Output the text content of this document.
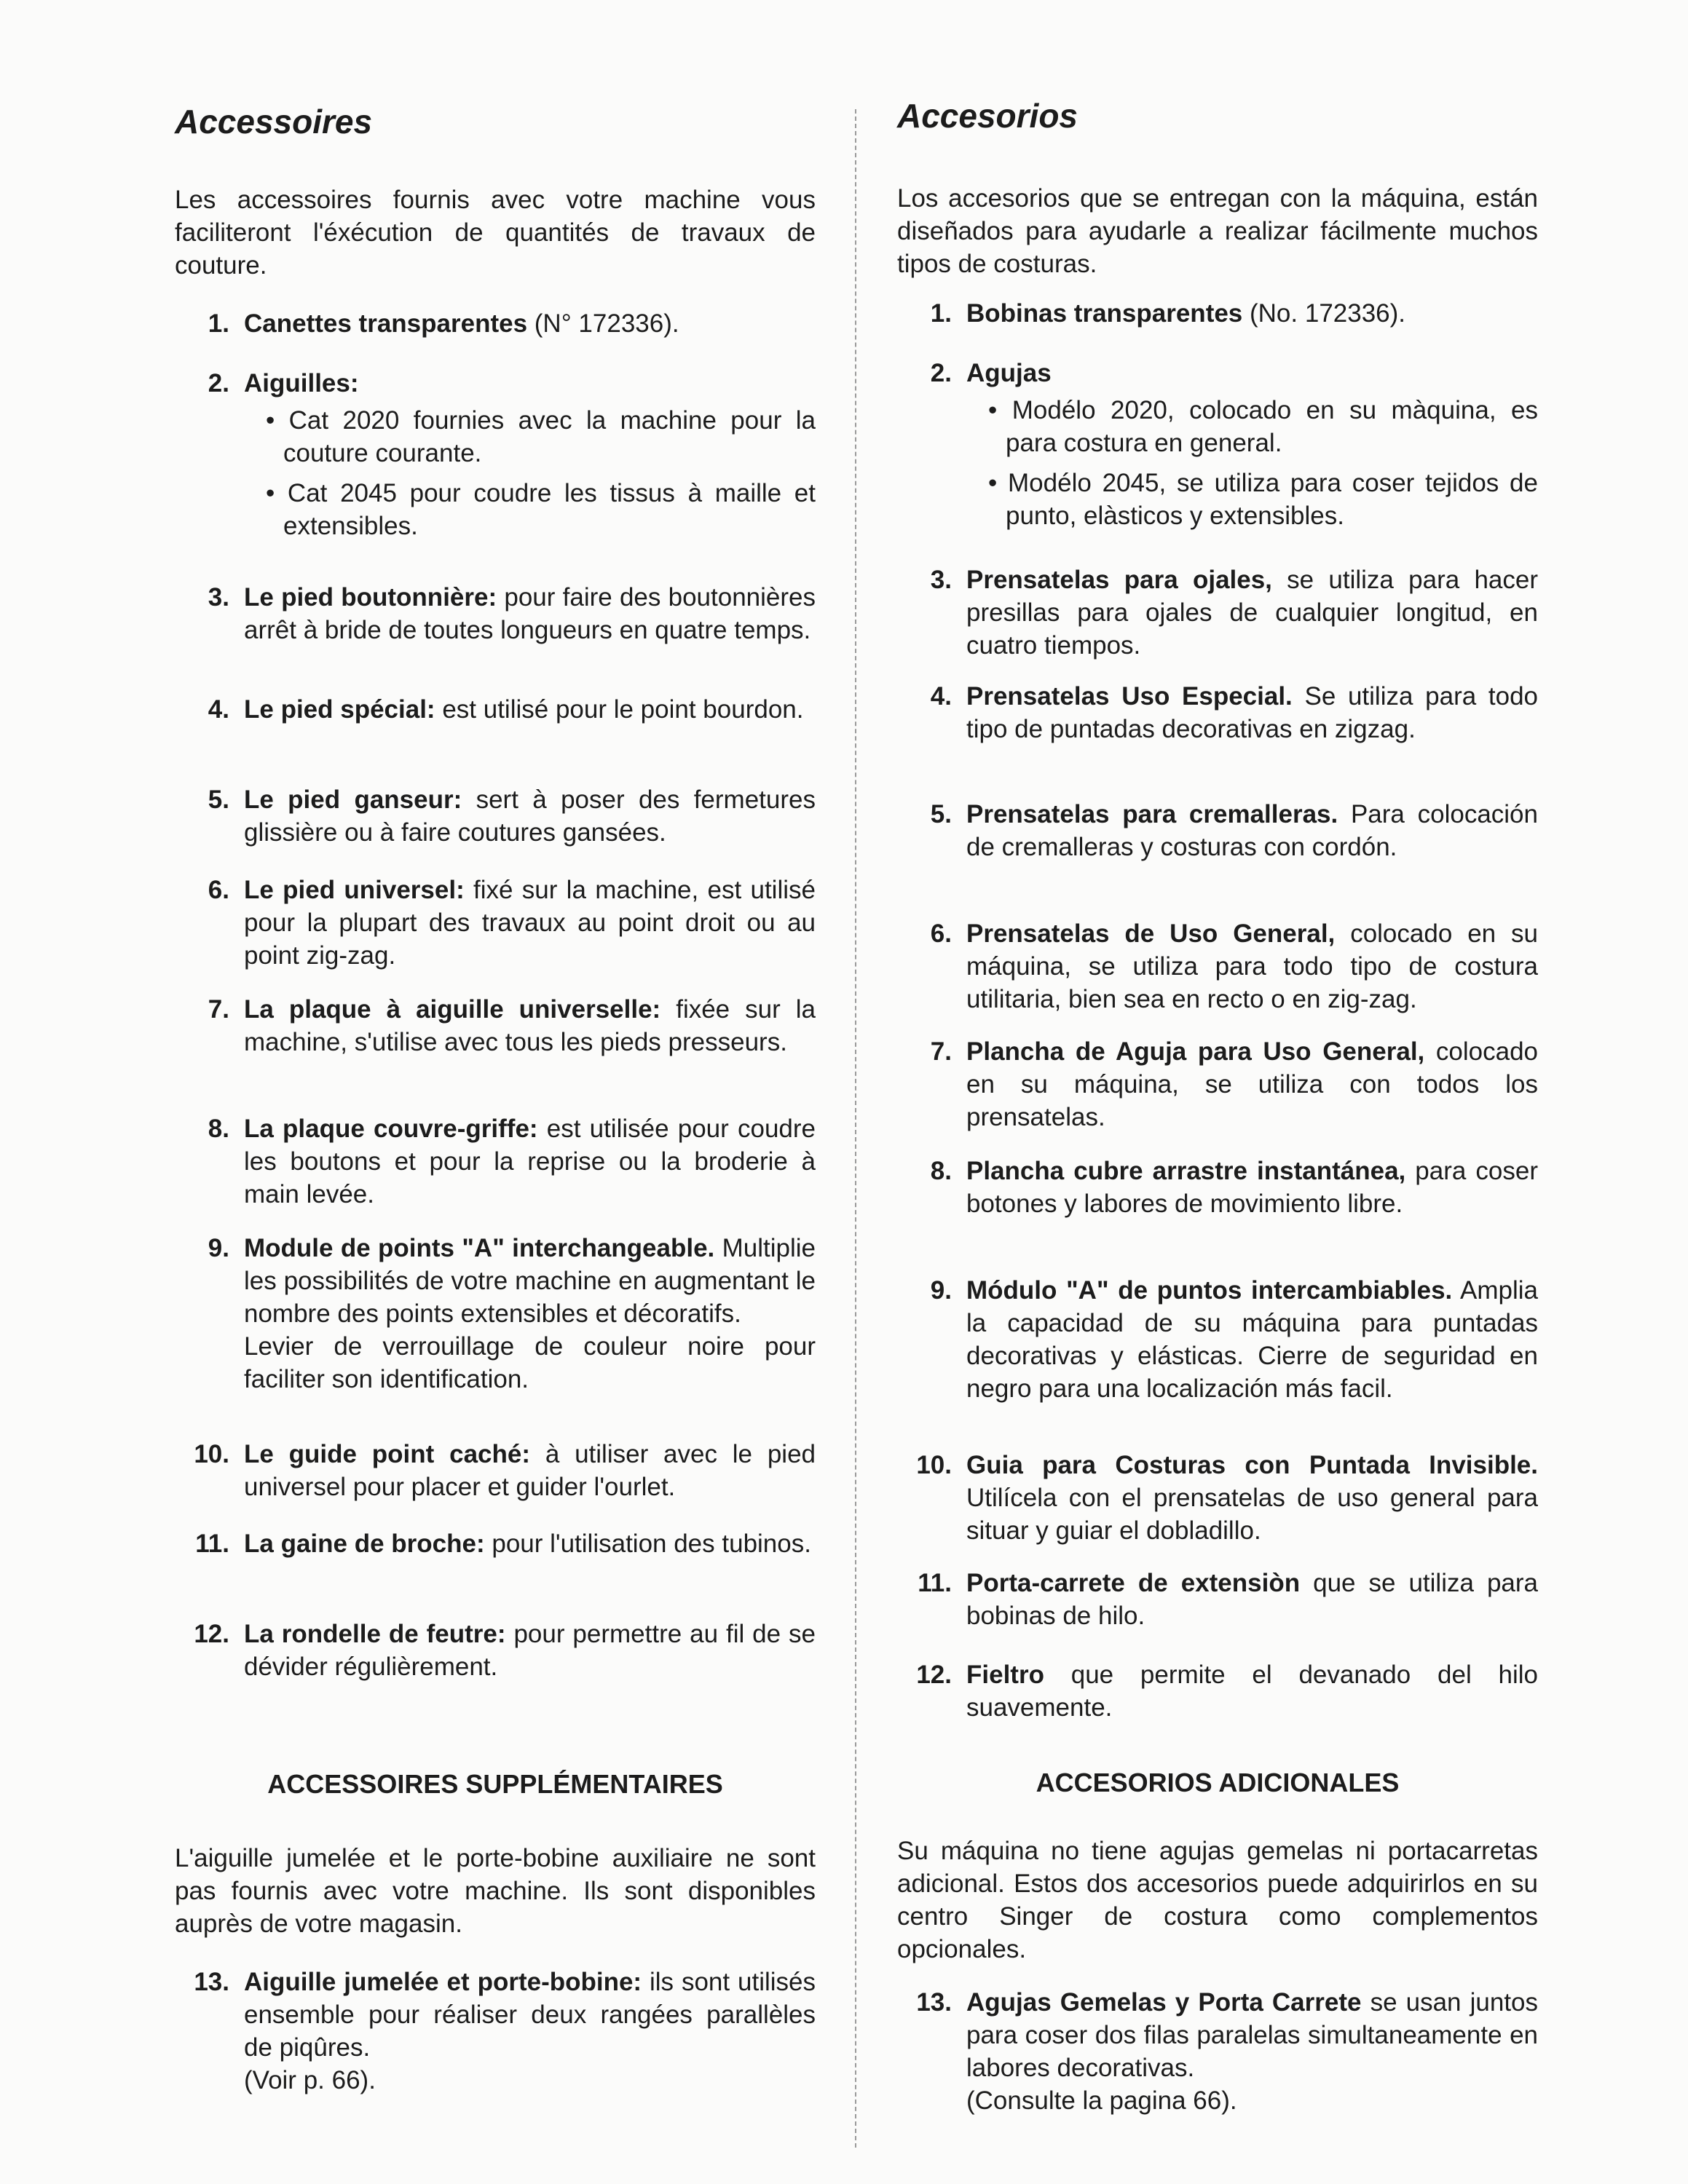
Accessoires

Les accessoires fournis avec votre machine vous faciliteront l'éxécution de quantités de travaux de couture.

1. Canettes transparentes (N° 172336).
2. Aiguilles:
• Cat 2020 fournies avec la machine pour la couture courante.
• Cat 2045 pour coudre les tissus à maille et extensibles.
3. Le pied boutonnière: pour faire des boutonnières arrêt à bride de toutes longueurs en quatre temps.
4. Le pied spécial: est utilisé pour le point bourdon.
5. Le pied ganseur: sert à poser des fermetures glissière ou à faire coutures gansées.
6. Le pied universel: fixé sur la machine, est utilisé pour la plupart des travaux au point droit ou au point zig-zag.
7. La plaque à aiguille universelle: fixée sur la machine, s'utilise avec tous les pieds presseurs.
8. La plaque couvre-griffe: est utilisée pour coudre les boutons et pour la reprise ou la broderie à main levée.
9. Module de points "A" interchangeable. Multiplie les possibilités de votre machine en augmentant le nombre des points extensibles et décoratifs.
Levier de verrouillage de couleur noire pour faciliter son identification.
10. Le guide point caché: à utiliser avec le pied universel pour placer et guider l'ourlet.
11. La gaine de broche: pour l'utilisation des tubinos.
12. La rondelle de feutre: pour permettre au fil de se dévider régulièrement.
ACCESSOIRES SUPPLÉMENTAIRES

L'aiguille jumelée et le porte-bobine auxiliaire ne sont pas fournis avec votre machine. Ils sont disponibles auprès de votre magasin.

13. Aiguille jumelée et porte-bobine: ils sont utilisés ensemble pour réaliser deux rangées parallèles de piqûres.
(Voir p. 66).
Accesorios

Los accesorios que se entregan con la máquina, están diseñados para ayudarle a realizar fácilmente muchos tipos de costuras.

1. Bobinas transparentes (No. 172336).
2. Agujas
• Modélo 2020, colocado en su màquina, es para costura en general.
• Modélo 2045, se utiliza para coser tejidos de punto, elàsticos y extensibles.
3. Prensatelas para ojales, se utiliza para hacer presillas para ojales de cualquier longitud, en cuatro tiempos.
4. Prensatelas Uso Especial. Se utiliza para todo tipo de puntadas decorativas en zigzag.
5. Prensatelas para cremalleras. Para colocación de cremalleras y costuras con cordón.
6. Prensatelas de Uso General, colocado en su máquina, se utiliza para todo tipo de costura utilitaria, bien sea en recto o en zig-zag.
7. Plancha de Aguja para Uso General, colocado en su máquina, se utiliza con todos los prensatelas.
8. Plancha cubre arrastre instantánea, para coser botones y labores de movimiento libre.
9. Módulo "A" de puntos intercambiables. Amplia la capacidad de su máquina para puntadas decorativas y elásticas. Cierre de seguridad en negro para una localización más facil.
10. Guia para Costuras con Puntada Invisible. Utilícela con el prensatelas de uso general para situar y guiar el dobladillo.
11. Porta-carrete de extensiòn que se utiliza para bobinas de hilo.
12. Fieltro que permite el devanado del hilo suavemente.
ACCESORIOS ADICIONALES

Su máquina no tiene agujas gemelas ni portacarretas adicional. Estos dos accesorios puede adquirirlos en su centro Singer de costura como complementos opcionales.

13. Agujas Gemelas y Porta Carrete se usan juntos para coser dos filas paralelas simultaneamente en labores decorativas.
(Consulte la pagina 66).
